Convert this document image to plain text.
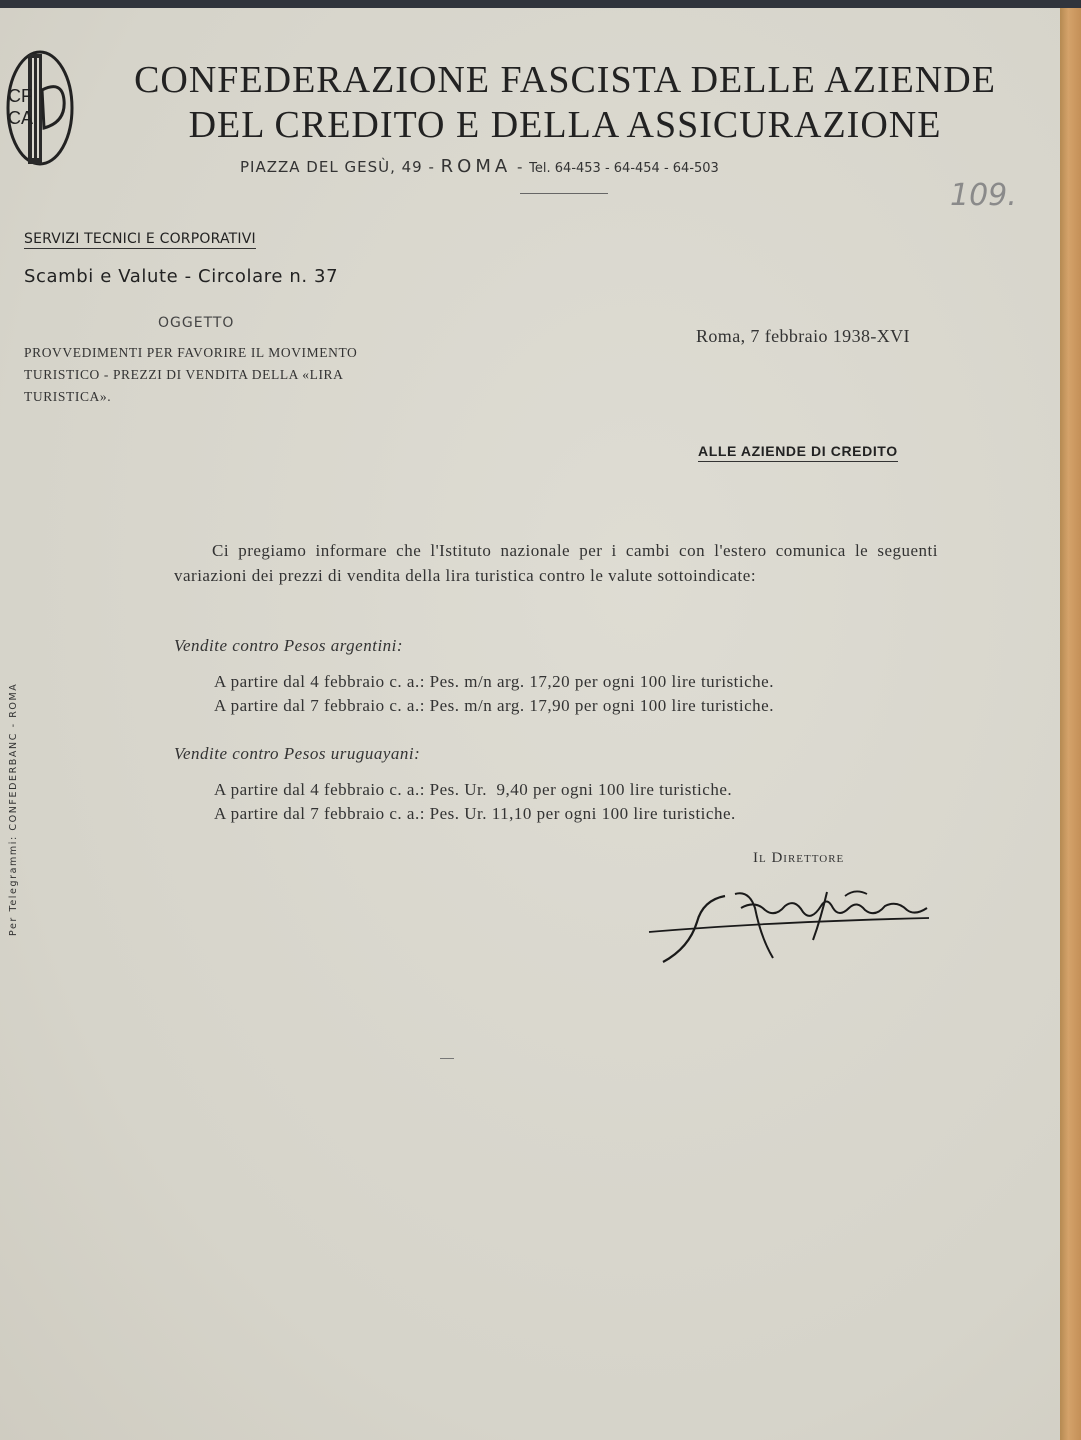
CF
CA
CONFEDERAZIONE FASCISTA DELLE AZIENDE
DEL CREDITO E DELLA ASSICURAZIONE
PIAZZA DEL GESÙ, 49 - ROMA - Tel. 64-453 - 64-454 - 64-503
109.
SERVIZI TECNICI E CORPORATIVI
Scambi e Valute - Circolare n. 37
OGGETTO
PROVVEDIMENTI PER FAVORIRE IL MOVIMENTO TURISTICO - PREZZI DI VENDITA DELLA «LIRA TURISTICA».
Roma, 7 febbraio 1938-XVI
ALLE AZIENDE DI CREDITO
Ci pregiamo informare che l'Istituto nazionale per i cambi con l'estero comunica le seguenti variazioni dei prezzi di vendita della lira turistica contro le valute sottoindicate:
Vendite contro Pesos argentini:
A partire dal 4 febbraio c. a.: Pes. m/n arg. 17,20 per ogni 100 lire turistiche.
A partire dal 7 febbraio c. a.: Pes. m/n arg. 17,90 per ogni 100 lire turistiche.
Vendite contro Pesos uruguayani:
A partire dal 4 febbraio c. a.: Pes. Ur.  9,40 per ogni 100 lire turistiche.
A partire dal 7 febbraio c. a.: Pes. Ur. 11,10 per ogni 100 lire turistiche.
Il Direttore
Per Telegrammi: CONFEDERBANC - ROMA
